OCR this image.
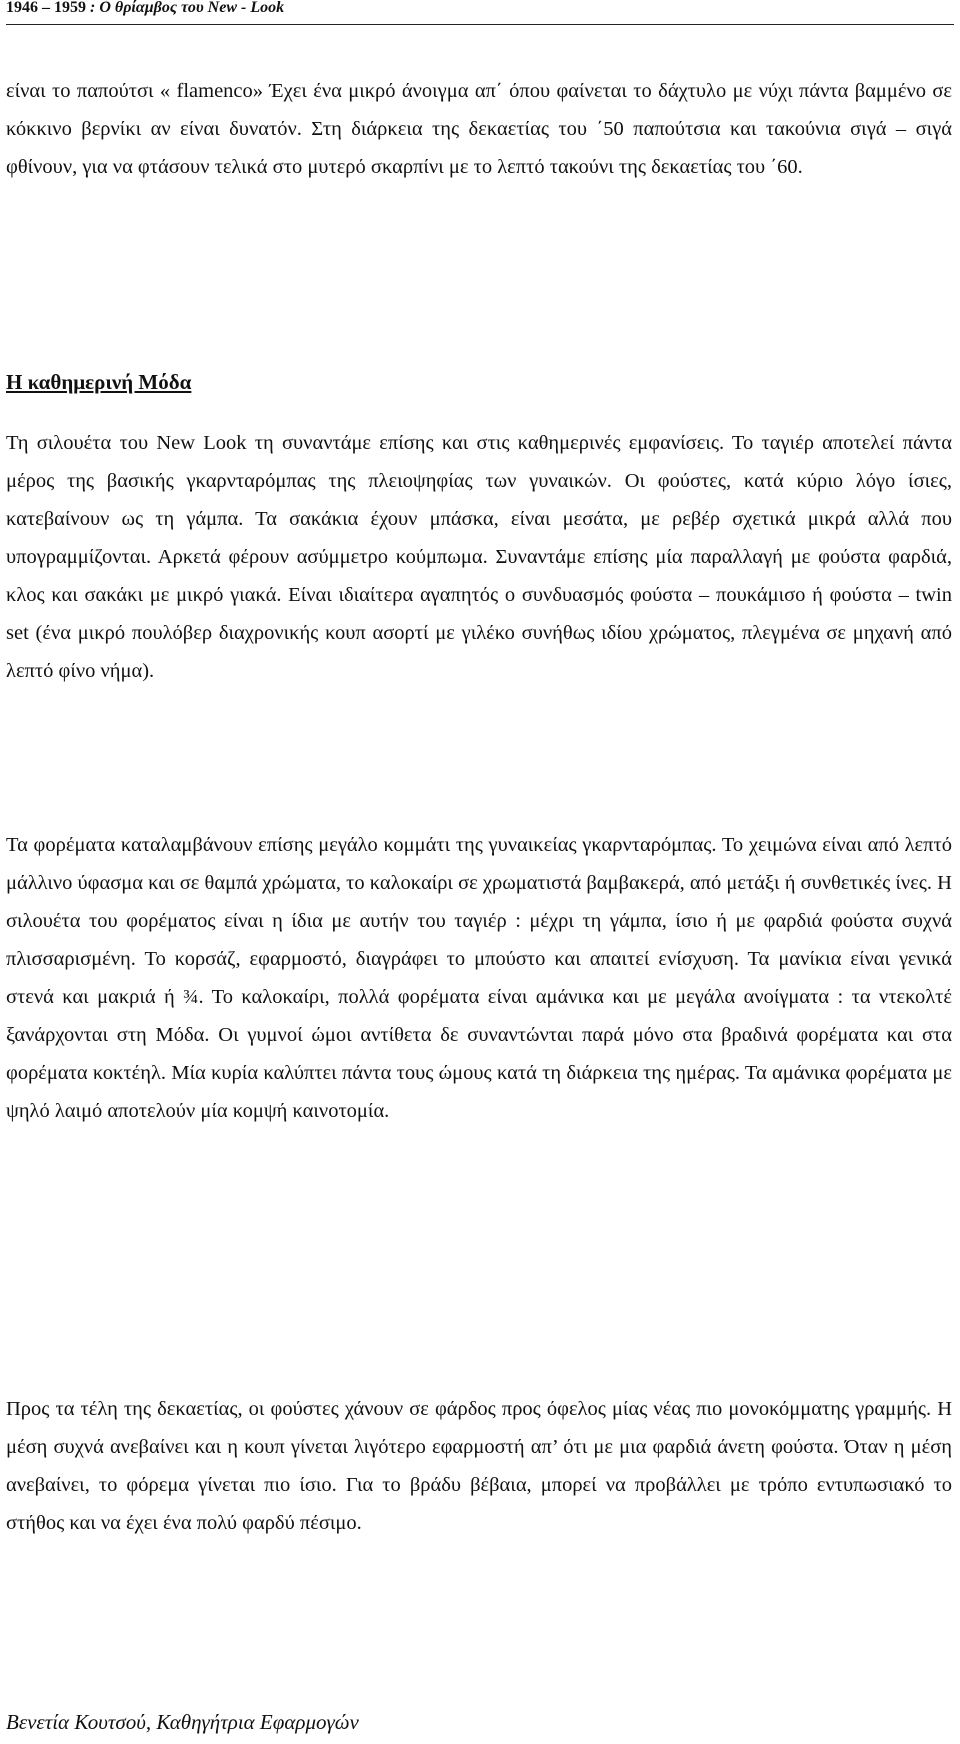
1946 – 1959 : Ο θρίαμβος του New - Look

είναι το παπούτσι « flamenco» Έχει ένα μικρό άνοιγμα απ΄ όπου φαίνεται το δάχτυλο με νύχι πάντα βαμμένο σε κόκκινο βερνίκι αν είναι δυνατόν. Στη διάρκεια της δεκαετίας του ΄50 παπούτσια και τακούνια σιγά – σιγά φθίνουν, για να φτάσουν τελικά στο μυτερό σκαρπίνι με το λεπτό τακούνι της δεκαετίας του ΄60.

Η καθημερινή Μόδα

Τη σιλουέτα του New Look τη συναντάμε επίσης και στις καθημερινές εμφανίσεις. Το ταγιέρ αποτελεί πάντα μέρος της βασικής γκαρνταρόμπας της πλειοψηφίας των γυναικών. Οι φούστες, κατά κύριο λόγο ίσιες, κατεβαίνουν ως τη γάμπα. Τα σακάκια έχουν μπάσκα, είναι μεσάτα, με ρεβέρ σχετικά μικρά αλλά που υπογραμμίζονται. Αρκετά φέρουν ασύμμετρο κούμπωμα. Συναντάμε επίσης μία παραλλαγή με φούστα φαρδιά, κλος και σακάκι με μικρό γιακά. Είναι ιδιαίτερα αγαπητός ο συνδυασμός φούστα – πουκάμισο ή φούστα – twin set (ένα μικρό πουλόβερ διαχρονικής κουπ ασορτί με γιλέκο συνήθως ιδίου χρώματος, πλεγμένα σε μηχανή από λεπτό φίνο νήμα).

Τα φορέματα καταλαμβάνουν επίσης μεγάλο κομμάτι της γυναικείας γκαρνταρόμπας. Το χειμώνα είναι από λεπτό μάλλινο ύφασμα και σε θαμπά χρώματα, το καλοκαίρι σε χρωματιστά βαμβακερά, από μετάξι ή συνθετικές ίνες. Η σιλουέτα του φορέματος είναι η ίδια με αυτήν του ταγιέρ : μέχρι τη γάμπα, ίσιο ή με φαρδιά φούστα συχνά πλισσαρισμένη. Το κορσάζ, εφαρμοστό, διαγράφει το μπούστο και απαιτεί ενίσχυση. Τα μανίκια είναι γενικά στενά και μακριά ή ¾. Το καλοκαίρι, πολλά φορέματα είναι αμάνικα και με μεγάλα ανοίγματα : τα ντεκολτέ ξανάρχονται στη Μόδα. Οι γυμνοί ώμοι αντίθετα δε συναντώνται παρά μόνο στα βραδινά φορέματα και στα φορέματα κοκτέηλ. Μία κυρία καλύπτει πάντα τους ώμους κατά τη διάρκεια της ημέρας. Τα αμάνικα φορέματα με ψηλό λαιμό αποτελούν μία κομψή καινοτομία.

Προς τα τέλη της δεκαετίας, οι φούστες χάνουν σε φάρδος προς όφελος μίας νέας πιο μονοκόμματης γραμμής. Η μέση συχνά ανεβαίνει και η κουπ γίνεται λιγότερο εφαρμοστή απ’ ότι με μια φαρδιά άνετη φούστα. Όταν η μέση ανεβαίνει, το φόρεμα γίνεται πιο ίσιο. Για το βράδυ βέβαια, μπορεί να προβάλλει με τρόπο εντυπωσιακό το στήθος και να έχει ένα πολύ φαρδύ πέσιμο.

Βενετία Κουτσού, Καθηγήτρια Εφαρμογών
